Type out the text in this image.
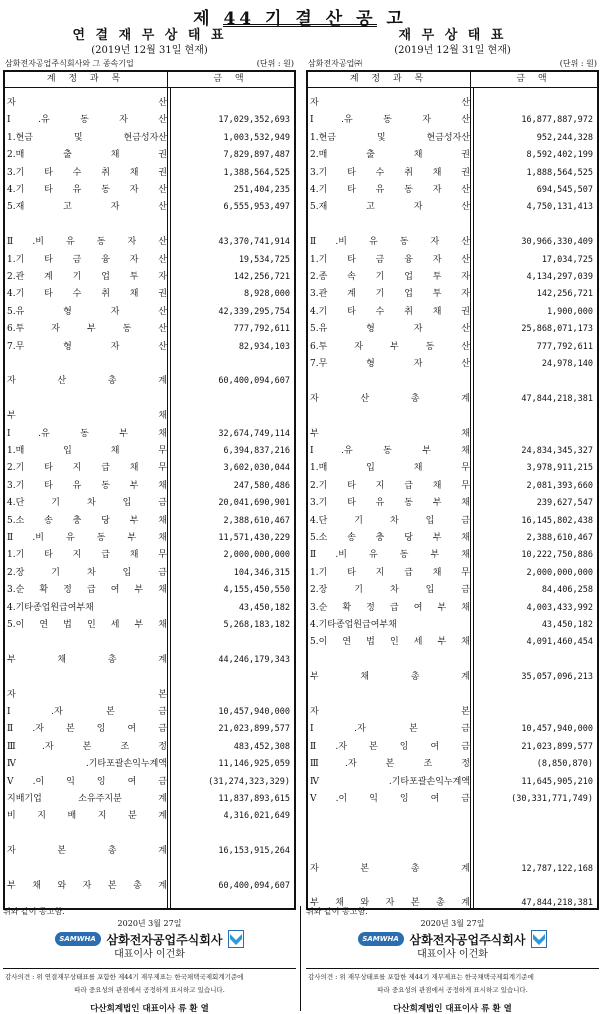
제 44 기 결 산 공 고
연 결 재 무 상 태 표
(2019년 12월 31일 현재)
삼화전자공업주식회사와 그 종속기업	(단위 : 원)
계 정 과 목	금 액
자 산
Ⅰ.유 동 자 산	17,029,352,693
1.현금 및 현금성자산	1,003,532,949
2.매 출 채 권	7,829,897,487
3.기 타 수 취 채 권	1,388,564,525
4.기 타 유 동 자 산	251,404,235
5.재 고 자 산	6,555,953,497
Ⅱ.비 유 동 자 산	43,370,741,914
1.기 타 금 융 자 산	19,534,725
2.관 계 기 업 투 자	142,256,721
4.기 타 수 취 채 권	8,928,000
5.유 형 자 산	42,339,295,754
6.투 자 부 동 산	777,792,611
7.무 형 자 산	82,934,103
자 산 총 계	60,400,094,607
부 채
Ⅰ.유 동 부 채	32,674,749,114
1.매 입 채 무	6,394,837,216
2.기 타 지 급 채 무	3,602,030,044
3.기 타 유 동 부 채	247,580,486
4.단 기 차 입 금	20,041,690,901
5.소 송 충 당 부 채	2,388,610,467
Ⅱ.비 유 동 부 채	11,571,430,229
1.기 타 지 급 채 무	2,000,000,000
2.장 기 차 입 금	104,346,315
3.순 확 정 급 여 부 채	4,155,450,550
4.기타종업원급여부채	43,450,182
5.이 연 법 인 세 부 채	5,268,183,182
부 채 총 계	44,246,179,343
자 본
Ⅰ.자 본 금	10,457,940,000
Ⅱ.자 본 잉 여 금	21,023,899,577
Ⅲ.자 본 조 정	483,452,308
Ⅳ.기타포괄손익누계액	11,146,925,059
Ⅴ.이 익 잉 여 금	(31,274,323,329)
지배기업 소유주지분 계	11,837,893,615
비 지 배 지 분 계	4,316,021,649
자 본 총 계	16,153,915,264
부 채 와 자 본 총 계	60,400,094,607
재 무 상 태 표
(2019년 12월 31일 현재)
삼화전자공업㈜	(단위 : 원)
계 정 과 목	금 액
자 산
Ⅰ.유 동 자 산	16,877,887,972
1.현금 및 현금성자산	952,244,328
2.매 출 채 권	8,592,402,199
3.기 타 수 취 채 권	1,888,564,525
4.기 타 유 동 자 산	694,545,507
5.재 고 자 산	4,750,131,413
Ⅱ.비 유 동 자 산	30,966,330,409
1.기 타 금 융 자 산	17,034,725
2.종 속 기 업 투 자	4,134,297,039
3.관 계 기 업 투 자	142,256,721
4.기 타 수 취 채 권	1,900,000
5.유 형 자 산	25,868,071,173
6.투 자 부 동 산	777,792,611
7.무 형 자 산	24,978,140
자 산 총 계	47,844,218,381
부 채
Ⅰ.유 동 부 채	24,834,345,327
1.매 입 채 무	3,978,911,215
2.기 타 지 급 채 무	2,081,393,660
3.기 타 유 동 부 채	239,627,547
4.단 기 차 입 금	16,145,802,438
5.소 송 충 당 부 채	2,388,610,467
Ⅱ.비 유 동 부 채	10,222,750,886
1.기 타 지 급 채 무	2,000,000,000
2.장 기 차 입 금	84,406,258
3.순 확 정 급 여 부 채	4,003,433,992
4.기타종업원급여부채	43,450,182
5.이 연 법 인 세 부 채	4,091,460,454
부 채 총 계	35,057,096,213
자 본
Ⅰ.자 본 금	10,457,940,000
Ⅱ.자 본 잉 여 금	21,023,899,577
Ⅲ.자 본 조 정	(8,850,870)
Ⅳ.기타포괄손익누계액	11,645,905,210
Ⅴ.이 익 잉 여 금	(30,331,771,749)
자 본 총 계	12,787,122,168
부 채 와 자 본 총 계	47,844,218,381
위와 같이 공고함.
2020년 3월 27일
SAMWHA 삼화전자공업주식회사
대표이사 이건화

감사의견 : 위 연결재무상태표를 포함한 제44기 재무제표는 한국채택국제회계기준에

따라 중요성의 관점에서 공정하게 표시하고 있습니다.

다산회계법인 대표이사 류 환 열
위와 같이 공고함.
2020년 3월 27일
SAMWHA 삼화전자공업주식회사
대표이사 이건화

감사의견 : 위 재무상태표를 포함한 제44기 재무제표는 한국채택국제회계기준에

따라 중요성의 관점에서 공정하게 표시하고 있습니다.

다산회계법인 대표이사 류 환 열
